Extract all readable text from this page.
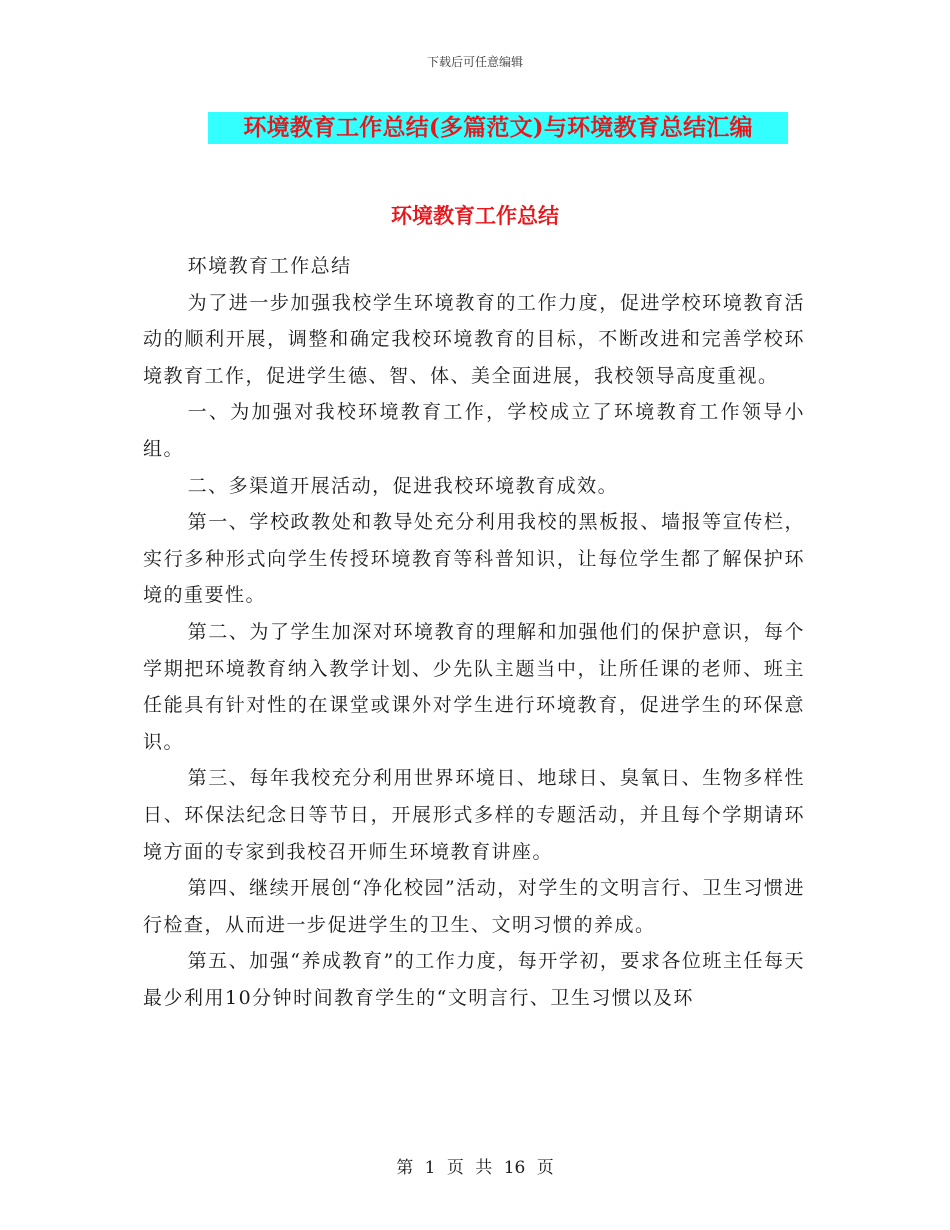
下载后可任意编辑
环境教育工作总结(多篇范文)与环境教育总结汇编
环境教育工作总结

环境教育工作总结

为了进一步加强我校学生环境教育的工作力度，促进学校环境教育活动的顺利开展，调整和确定我校环境教育的目标，不断改进和完善学校环境教育工作，促进学生德、智、体、美全面进展，我校领导高度重视。

一、为加强对我校环境教育工作，学校成立了环境教育工作领导小组。

二、多渠道开展活动，促进我校环境教育成效。

第一、学校政教处和教导处充分利用我校的黑板报、墙报等宣传栏，实行多种形式向学生传授环境教育等科普知识，让每位学生都了解保护环境的重要性。

第二、为了学生加深对环境教育的理解和加强他们的保护意识，每个学期把环境教育纳入教学计划、少先队主题当中，让所任课的老师、班主任能具有针对性的在课堂或课外对学生进行环境教育，促进学生的环保意识。

第三、每年我校充分利用世界环境日、地球日、臭氧日、生物多样性日、环保法纪念日等节日，开展形式多样的专题活动，并且每个学期请环境方面的专家到我校召开师生环境教育讲座。

第四、继续开展创“净化校园”活动，对学生的文明言行、卫生习惯进行检查，从而进一步促进学生的卫生、文明习惯的养成。

第五、加强“养成教育”的工作力度，每开学初，要求各位班主任每天最少利用10分钟时间教育学生的“文明言行、卫生习惯以及环

第 1 页 共 16 页
